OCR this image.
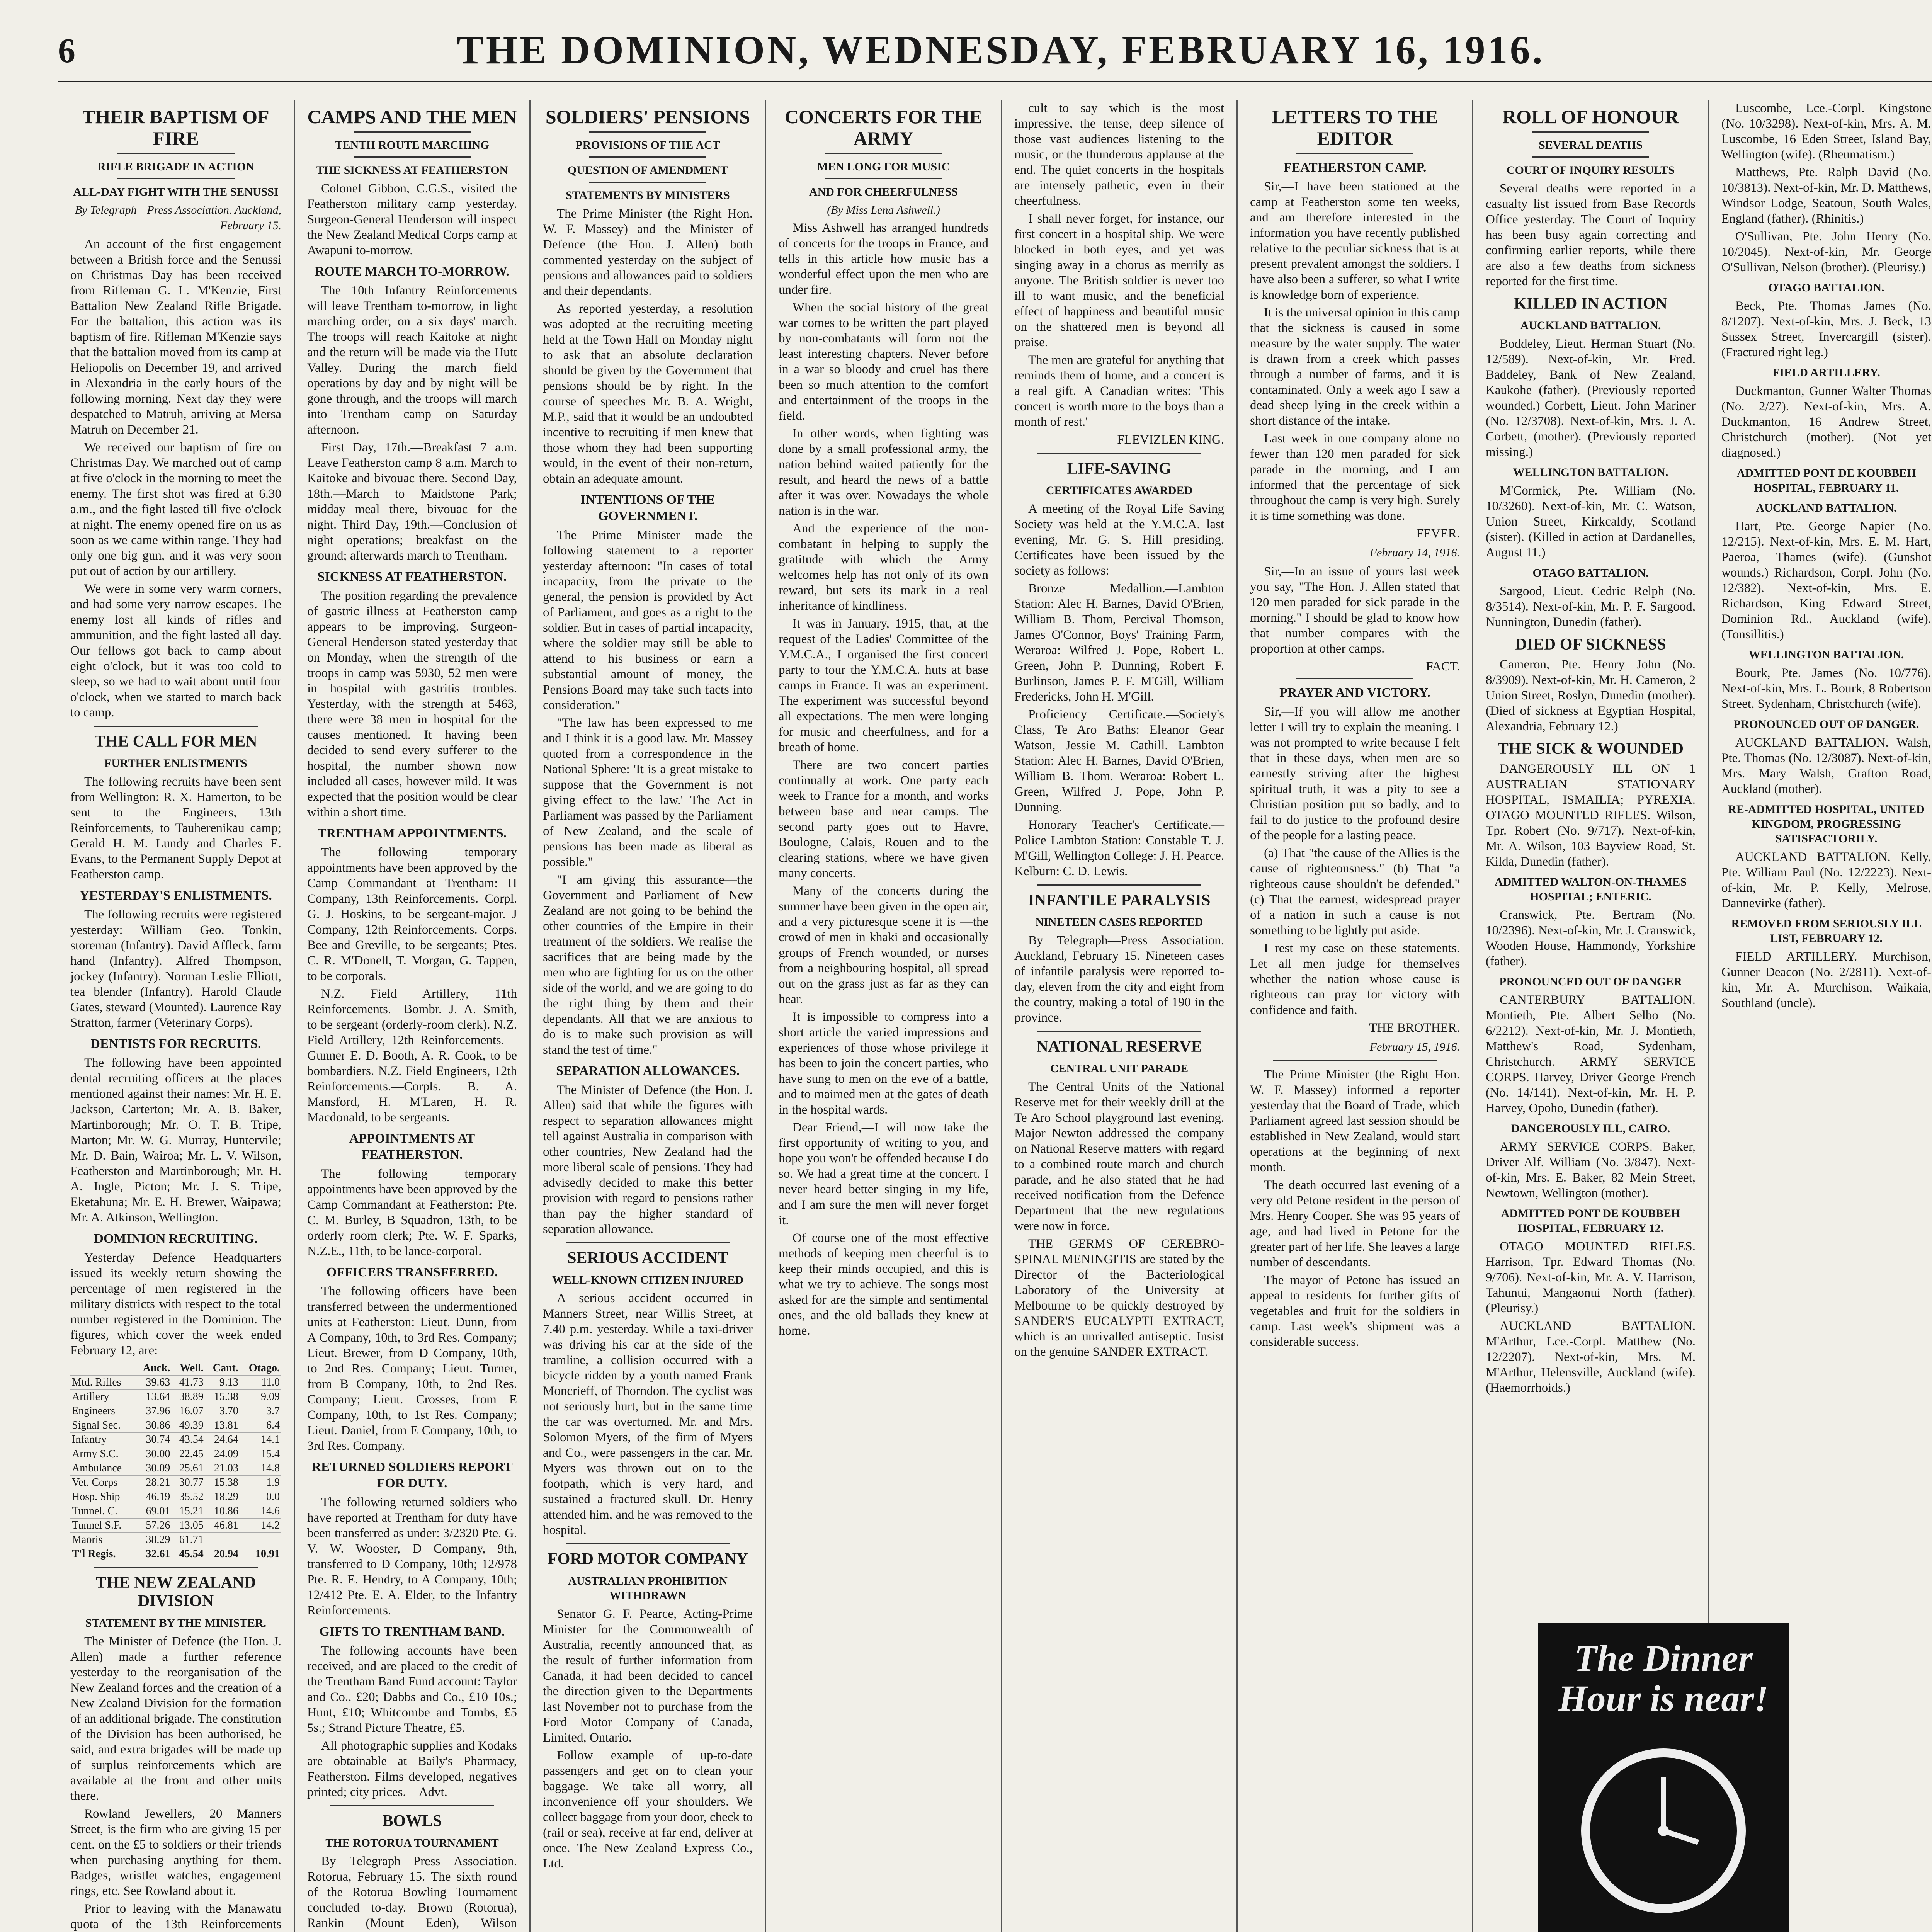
6	THE DOMINION, WEDNESDAY, FEBRUARY 16, 1916.
THEIR BAPTISM OF FIRE
RIFLE BRIGADE IN ACTION
ALL-DAY FIGHT WITH THE SENUSSI
By Telegraph—Press Association. Auckland, February 15.

An account of the first engagement between a British force and the Senussi on Christmas Day has been received from Rifleman G. L. M'Kenzie, First Battalion New Zealand Rifle Brigade. For the battalion, this action was its baptism of fire. Rifleman M'Kenzie says that the battalion moved from its camp at Heliopolis on December 19, and arrived in Alexandria in the early hours of the following morning. Next day they were despatched to Matruh, arriving at Mersa Matruh on December 21.

We received our baptism of fire on Christmas Day. We marched out of camp at five o'clock in the morning to meet the enemy. The first shot was fired at 6.30 a.m., and the fight lasted till five o'clock at night. The enemy opened fire on us as soon as we came within range. They had only one big gun, and it was very soon put out of action by our artillery.

We were in some very warm corners, and had some very narrow escapes. The enemy lost all kinds of rifles and ammunition, and the fight lasted all day. Our fellows got back to camp about eight o'clock, but it was too cold to sleep, so we had to wait about until four o'clock, when we started to march back to camp.

THE CALL FOR MEN
FURTHER ENLISTMENTS

The following recruits have been sent from Wellington: R. X. Hamerton, to be sent to the Engineers, 13th Reinforcements, to Tauherenikau camp; Gerald H. M. Lundy and Charles E. Evans, to the Permanent Supply Depot at Featherston camp.

YESTERDAY'S ENLISTMENTS.

The following recruits were registered yesterday: William Geo. Tonkin, storeman (Infantry). David Affleck, farm hand (Infantry). Alfred Thompson, jockey (Infantry). Norman Leslie Elliott, tea blender (Infantry). Harold Claude Gates, steward (Mounted). Laurence Ray Stratton, farmer (Veterinary Corps).

DENTISTS FOR RECRUITS.

The following have been appointed dental recruiting officers at the places mentioned against their names: Mr. H. E. Jackson, Carterton; Mr. A. B. Baker, Martinborough; Mr. O. T. B. Tripe, Marton; Mr. W. G. Murray, Huntervile; Mr. D. Bain, Wairoa; Mr. L. V. Wilson, Featherston and Martinborough; Mr. H. A. Ingle, Picton; Mr. J. S. Tripe, Eketahuna; Mr. E. H. Brewer, Waipawa; Mr. A. Atkinson, Wellington.

DOMINION RECRUITING.

Yesterday Defence Headquarters issued its weekly return showing the percentage of men registered in the military districts with respect to the total number registered in the Dominion. The figures, which cover the week ended February 12, are:

	Auck.	Well.	Cant.	Otago.
Mtd. Rifles	39.63	41.73	9.13	11.0
Artillery	13.64	38.89	15.38	9.09
Engineers	37.96	16.07	3.70	3.7
Signal Sec.	30.86	49.39	13.81	6.4
Infantry	30.74	43.54	24.64	14.1
Army S.C.	30.00	22.45	24.09	15.4
Ambulance	30.09	25.61	21.03	14.8
Vet. Corps	28.21	30.77	15.38	1.9
Hosp. Ship	46.19	35.52	18.29	0.0
Tunnel. C.	69.01	15.21	10.86	14.6
Tunnel S.F.	57.26	13.05	46.81	14.2
Maoris	38.29	61.71		
T'l Regis.	32.61	45.54	20.94	10.91
THE NEW ZEALAND DIVISION
STATEMENT BY THE MINISTER.

The Minister of Defence (the Hon. J. Allen) made a further reference yesterday to the reorganisation of the New Zealand forces and the creation of a New Zealand Division for the formation of an additional brigade. The constitution of the Division has been authorised, he said, and extra brigades will be made up of surplus reinforcements which are available at the front and other units there.

Rowland Jewellers, 20 Manners Street, is the firm who are giving 15 per cent. on the £5 to soldiers or their friends when purchasing anything for them. Badges, wristlet watches, engagement rings, etc. See Rowland about it.

Prior to leaving with the Manawatu quota of the 13th Reinforcements

CAMPS AND THE MEN
TENTH ROUTE MARCHING
THE SICKNESS AT FEATHERSTON

Colonel Gibbon, C.G.S., visited the Featherston military camp yesterday. Surgeon-General Henderson will inspect the New Zealand Medical Corps camp at Awapuni to-morrow.

ROUTE MARCH TO-MORROW.

The 10th Infantry Reinforcements will leave Trentham to-morrow, in light marching order, on a six days' march. The troops will reach Kaitoke at night and the return will be made via the Hutt Valley. During the march field operations by day and by night will be gone through, and the troops will march into Trentham camp on Saturday afternoon.

First Day, 17th.—Breakfast 7 a.m. Leave Featherston camp 8 a.m. March to Kaitoke and bivouac there. Second Day, 18th.—March to Maidstone Park; midday meal there, bivouac for the night. Third Day, 19th.—Conclusion of night operations; breakfast on the ground; afterwards march to Trentham.

SICKNESS AT FEATHERSTON.

The position regarding the prevalence of gastric illness at Featherston camp appears to be improving. Surgeon-General Henderson stated yesterday that on Monday, when the strength of the troops in camp was 5930, 52 men were in hospital with gastritis troubles. Yesterday, with the strength at 5463, there were 38 men in hospital for the causes mentioned. It having been decided to send every sufferer to the hospital, the number shown now included all cases, however mild. It was expected that the position would be clear within a short time.

TRENTHAM APPOINTMENTS.

The following temporary appointments have been approved by the Camp Commandant at Trentham: H Company, 13th Reinforcements. Corpl. G. J. Hoskins, to be sergeant-major. J Company, 12th Reinforcements. Corps. Bee and Greville, to be sergeants; Ptes. C. R. M'Donell, T. Morgan, G. Tappen, to be corporals.

N.Z. Field Artillery, 11th Reinforcements.—Bombr. J. A. Smith, to be sergeant (orderly-room clerk). N.Z. Field Artillery, 12th Reinforcements.—Gunner E. D. Booth, A. R. Cook, to be bombardiers. N.Z. Field Engineers, 12th Reinforcements.—Corpls. B. A. Mansford, H. M'Laren, H. R. Macdonald, to be sergeants.

APPOINTMENTS AT FEATHERSTON.

The following temporary appointments have been approved by the Camp Commandant at Featherston: Pte. C. M. Burley, B Squadron, 13th, to be orderly room clerk; Pte. W. F. Sparks, N.Z.E., 11th, to be lance-corporal.

OFFICERS TRANSFERRED.

The following officers have been transferred between the undermentioned units at Featherston: Lieut. Dunn, from A Company, 10th, to 3rd Res. Company; Lieut. Brewer, from D Company, 10th, to 2nd Res. Company; Lieut. Turner, from B Company, 10th, to 2nd Res. Company; Lieut. Crosses, from E Company, 10th, to 1st Res. Company; Lieut. Daniel, from E Company, 10th, to 3rd Res. Company.

RETURNED SOLDIERS REPORT FOR DUTY.

The following returned soldiers who have reported at Trentham for duty have been transferred as under: 3/2320 Pte. G. V. W. Wooster, D Company, 9th, transferred to D Company, 10th; 12/978 Pte. R. E. Hendry, to A Company, 10th; 12/412 Pte. E. A. Elder, to the Infantry Reinforcements.

GIFTS TO TRENTHAM BAND.

The following accounts have been received, and are placed to the credit of the Trentham Band Fund account: Taylor and Co., £20; Dabbs and Co., £10 10s.; Hunt, £10; Whitcombe and Tombs, £5 5s.; Strand Picture Theatre, £5.

All photographic supplies and Kodaks are obtainable at Baily's Pharmacy, Featherston. Films developed, negatives printed; city prices.—Advt.

BOWLS
THE ROTORUA TOURNAMENT

By Telegraph—Press Association. Rotorua, February 15. The sixth round of the Rotorua Bowling Tournament concluded to-day. Brown (Rotorua), Rankin (Mount Eden), Wilson

SOLDIERS' PENSIONS
PROVISIONS OF THE ACT
QUESTION OF AMENDMENT
STATEMENTS BY MINISTERS

The Prime Minister (the Right Hon. W. F. Massey) and the Minister of Defence (the Hon. J. Allen) both commented yesterday on the subject of pensions and allowances paid to soldiers and their dependants.

As reported yesterday, a resolution was adopted at the recruiting meeting held at the Town Hall on Monday night to ask that an absolute declaration should be given by the Government that pensions should be by right. In the course of speeches Mr. B. A. Wright, M.P., said that it would be an undoubted incentive to recruiting if men knew that those whom they had been supporting would, in the event of their non-return, obtain an adequate amount.

INTENTIONS OF THE GOVERNMENT.

The Prime Minister made the following statement to a reporter yesterday afternoon: "In cases of total incapacity, from the private to the general, the pension is provided by Act of Parliament, and goes as a right to the soldier. But in cases of partial incapacity, where the soldier may still be able to attend to his business or earn a substantial amount of money, the Pensions Board may take such facts into consideration."

"The law has been expressed to me and I think it is a good law. Mr. Massey quoted from a correspondence in the National Sphere: 'It is a great mistake to suppose that the Government is not giving effect to the law.' The Act in Parliament was passed by the Parliament of New Zealand, and the scale of pensions has been made as liberal as possible."

"I am giving this assurance—the Government and Parliament of New Zealand are not going to be behind the other countries of the Empire in their treatment of the soldiers. We realise the sacrifices that are being made by the men who are fighting for us on the other side of the world, and we are going to do the right thing by them and their dependants. All that we are anxious to do is to make such provision as will stand the test of time."

SEPARATION ALLOWANCES.

The Minister of Defence (the Hon. J. Allen) said that while the figures with respect to separation allowances might tell against Australia in comparison with other countries, New Zealand had the more liberal scale of pensions. They had advisedly decided to make this better provision with regard to pensions rather than pay the higher standard of separation allowance.

SERIOUS ACCIDENT
WELL-KNOWN CITIZEN INJURED

A serious accident occurred in Manners Street, near Willis Street, at 7.40 p.m. yesterday. While a taxi-driver was driving his car at the side of the tramline, a collision occurred with a bicycle ridden by a youth named Frank Moncrieff, of Thorndon. The cyclist was not seriously hurt, but in the same time the car was overturned. Mr. and Mrs. Solomon Myers, of the firm of Myers and Co., were passengers in the car. Mr. Myers was thrown out on to the footpath, which is very hard, and sustained a fractured skull. Dr. Henry attended him, and he was removed to the hospital.

FORD MOTOR COMPANY
AUSTRALIAN PROHIBITION WITHDRAWN

Senator G. F. Pearce, Acting-Prime Minister for the Commonwealth of Australia, recently announced that, as the result of further information from Canada, it had been decided to cancel the direction given to the Departments last November not to purchase from the Ford Motor Company of Canada, Limited, Ontario.

Follow example of up-to-date passengers and get on to clean your baggage. We take all worry, all inconvenience off your shoulders. We collect baggage from your door, check to (rail or sea), receive at far end, deliver at once. The New Zealand Express Co., Ltd.

CONCERTS FOR THE ARMY
MEN LONG FOR MUSIC
AND FOR CHEERFULNESS
(By Miss Lena Ashwell.)

Miss Ashwell has arranged hundreds of concerts for the troops in France, and tells in this article how music has a wonderful effect upon the men who are under fire.

When the social history of the great war comes to be written the part played by non-combatants will form not the least interesting chapters. Never before in a war so bloody and cruel has there been so much attention to the comfort and entertainment of the troops in the field.

In other words, when fighting was done by a small professional army, the nation behind waited patiently for the result, and heard the news of a battle after it was over. Nowadays the whole nation is in the war.

And the experience of the non-combatant in helping to supply the gratitude with which the Army welcomes help has not only of its own reward, but sets its mark in a real inheritance of kindliness.

It was in January, 1915, that, at the request of the Ladies' Committee of the Y.M.C.A., I organised the first concert party to tour the Y.M.C.A. huts at base camps in France. It was an experiment. The experiment was successful beyond all expectations. The men were longing for music and cheerfulness, and for a breath of home.

There are two concert parties continually at work. One party each week to France for a month, and works between base and near camps. The second party goes out to Havre, Boulogne, Calais, Rouen and to the clearing stations, where we have given many concerts.

Many of the concerts during the summer have been given in the open air, and a very picturesque scene it is —the crowd of men in khaki and occasionally groups of French wounded, or nurses from a neighbouring hospital, all spread out on the grass just as far as they can hear.

It is impossible to compress into a short article the varied impressions and experiences of those whose privilege it has been to join the concert parties, who have sung to men on the eve of a battle, and to maimed men at the gates of death in the hospital wards.

Dear Friend,—I will now take the first opportunity of writing to you, and hope you won't be offended because I do so. We had a great time at the concert. I never heard better singing in my life, and I am sure the men will never forget it.

Of course one of the most effective methods of keeping men cheerful is to keep their minds occupied, and this is what we try to achieve. The songs most asked for are the simple and sentimental ones, and the old ballads they knew at home.

cult to say which is the most impressive, the tense, deep silence of those vast audiences listening to the music, or the thunderous applause at the end. The quiet concerts in the hospitals are intensely pathetic, even in their cheerfulness.

I shall never forget, for instance, our first concert in a hospital ship. We were blocked in both eyes, and yet was singing away in a chorus as merrily as anyone. The British soldier is never too ill to want music, and the beneficial effect of happiness and beautiful music on the shattered men is beyond all praise.

The men are grateful for anything that reminds them of home, and a concert is a real gift. A Canadian writes: 'This concert is worth more to the boys than a month of rest.'

FLEVIZLEN KING.
LIFE-SAVING
CERTIFICATES AWARDED

A meeting of the Royal Life Saving Society was held at the Y.M.C.A. last evening, Mr. G. S. Hill presiding. Certificates have been issued by the society as follows:

Bronze Medallion.—Lambton Station: Alec H. Barnes, David O'Brien, William B. Thom, Percival Thomson, James O'Connor, Boys' Training Farm, Weraroa: Wilfred J. Pope, Robert L. Green, John P. Dunning, Robert F. Burlinson, James P. F. M'Gill, William Fredericks, John H. M'Gill.

Proficiency Certificate.—Society's Class, Te Aro Baths: Eleanor Gear Watson, Jessie M. Cathill. Lambton Station: Alec H. Barnes, David O'Brien, William B. Thom. Weraroa: Robert L. Green, Wilfred J. Pope, John P. Dunning.

Honorary Teacher's Certificate.—Police Lambton Station: Constable T. J. M'Gill, Wellington College: J. H. Pearce. Kelburn: C. D. Lewis.

INFANTILE PARALYSIS
NINETEEN CASES REPORTED

By Telegraph—Press Association. Auckland, February 15. Nineteen cases of infantile paralysis were reported to-day, eleven from the city and eight from the country, making a total of 190 in the province.

NATIONAL RESERVE
CENTRAL UNIT PARADE

The Central Units of the National Reserve met for their weekly drill at the Te Aro School playground last evening. Major Newton addressed the company on National Reserve matters with regard to a combined route march and church parade, and he also stated that he had received notification from the Defence Department that the new regulations were now in force.

THE GERMS OF CEREBRO-SPINAL MENINGITIS are stated by the Director of the Bacteriological Laboratory of the University at Melbourne to be quickly destroyed by SANDER'S EUCALYPTI EXTRACT, which is an unrivalled antiseptic. Insist on the genuine SANDER EXTRACT.

LETTERS TO THE EDITOR
FEATHERSTON CAMP.

Sir,—I have been stationed at the camp at Featherston some ten weeks, and am therefore interested in the information you have recently published relative to the peculiar sickness that is at present prevalent amongst the soldiers. I have also been a sufferer, so what I write is knowledge born of experience.

It is the universal opinion in this camp that the sickness is caused in some measure by the water supply. The water is drawn from a creek which passes through a number of farms, and it is contaminated. Only a week ago I saw a dead sheep lying in the creek within a short distance of the intake.

Last week in one company alone no fewer than 120 men paraded for sick parade in the morning, and I am informed that the percentage of sick throughout the camp is very high. Surely it is time something was done.

FEVER.
February 14, 1916.

Sir,—In an issue of yours last week you say, "The Hon. J. Allen stated that 120 men paraded for sick parade in the morning." I should be glad to know how that number compares with the proportion at other camps.

FACT.
PRAYER AND VICTORY.

Sir,—If you will allow me another letter I will try to explain the meaning. I was not prompted to write because I felt that in these days, when men are so earnestly striving after the highest spiritual truth, it was a pity to see a Christian position put so badly, and to fail to do justice to the profound desire of the people for a lasting peace.

(a) That "the cause of the Allies is the cause of righteousness." (b) That "a righteous cause shouldn't be defended." (c) That the earnest, widespread prayer of a nation in such a cause is not something to be lightly put aside.

I rest my case on these statements. Let all men judge for themselves whether the nation whose cause is righteous can pray for victory with confidence and faith.

THE BROTHER.
February 15, 1916.

The Prime Minister (the Right Hon. W. F. Massey) informed a reporter yesterday that the Board of Trade, which Parliament agreed last session should be established in New Zealand, would start operations at the beginning of next month.

The death occurred last evening of a very old Petone resident in the person of Mrs. Henry Cooper. She was 95 years of age, and had lived in Petone for the greater part of her life. She leaves a large number of descendants.

The mayor of Petone has issued an appeal to residents for further gifts of vegetables and fruit for the soldiers in camp. Last week's shipment was a considerable success.

ROLL OF HONOUR
SEVERAL DEATHS
COURT OF INQUIRY RESULTS

Several deaths were reported in a casualty list issued from Base Records Office yesterday. The Court of Inquiry has been busy again correcting and confirming earlier reports, while there are also a few deaths from sickness reported for the first time.

KILLED IN ACTION
AUCKLAND BATTALION.

Boddeley, Lieut. Herman Stuart (No. 12/589). Next-of-kin, Mr. Fred. Baddeley, Bank of New Zealand, Kaukohe (father). (Previously reported wounded.) Corbett, Lieut. John Mariner (No. 12/3708). Next-of-kin, Mrs. J. A. Corbett, (mother). (Previously reported missing.)

WELLINGTON BATTALION.

M'Cormick, Pte. William (No. 10/3260). Next-of-kin, Mr. C. Watson, Union Street, Kirkcaldy, Scotland (sister). (Killed in action at Dardanelles, August 11.)

OTAGO BATTALION.

Sargood, Lieut. Cedric Relph (No. 8/3514). Next-of-kin, Mr. P. F. Sargood, Nunnington, Dunedin (father).

DIED OF SICKNESS

Cameron, Pte. Henry John (No. 8/3909). Next-of-kin, Mr. H. Cameron, 2 Union Street, Roslyn, Dunedin (mother). (Died of sickness at Egyptian Hospital, Alexandria, February 12.)

THE SICK & WOUNDED

DANGEROUSLY ILL ON 1 AUSTRALIAN STATIONARY HOSPITAL, ISMAILIA; PYREXIA. OTAGO MOUNTED RIFLES. Wilson, Tpr. Robert (No. 9/717). Next-of-kin, Mr. A. Wilson, 103 Bayview Road, St. Kilda, Dunedin (father).

ADMITTED WALTON-ON-THAMES HOSPITAL; ENTERIC.

Cranswick, Pte. Bertram (No. 10/2396). Next-of-kin, Mr. J. Cranswick, Wooden House, Hammondy, Yorkshire (father).

PRONOUNCED OUT OF DANGER

CANTERBURY BATTALION. Montieth, Pte. Albert Selbo (No. 6/2212). Next-of-kin, Mr. J. Montieth, Matthew's Road, Sydenham, Christchurch. ARMY SERVICE CORPS. Harvey, Driver George French (No. 14/141). Next-of-kin, Mr. H. P. Harvey, Opoho, Dunedin (father).

DANGEROUSLY ILL, CAIRO.

ARMY SERVICE CORPS. Baker, Driver Alf. William (No. 3/847). Next-of-kin, Mrs. E. Baker, 82 Mein Street, Newtown, Wellington (mother).

ADMITTED PONT DE KOUBBEH HOSPITAL, FEBRUARY 12.

OTAGO MOUNTED RIFLES. Harrison, Tpr. Edward Thomas (No. 9/706). Next-of-kin, Mr. A. V. Harrison, Tahunui, Mangaonui North (father). (Pleurisy.)

AUCKLAND BATTALION. M'Arthur, Lce.-Corpl. Matthew (No. 12/2207). Next-of-kin, Mrs. M. M'Arthur, Helensville, Auckland (wife). (Haemorrhoids.)

Luscombe, Lce.-Corpl. Kingstone (No. 10/3298). Next-of-kin, Mrs. A. M. Luscombe, 16 Eden Street, Island Bay, Wellington (wife). (Rheumatism.)

Matthews, Pte. Ralph David (No. 10/3813). Next-of-kin, Mr. D. Matthews, Windsor Lodge, Seatoun, South Wales, England (father). (Rhinitis.)

O'Sullivan, Pte. John Henry (No. 10/2045). Next-of-kin, Mr. George O'Sullivan, Nelson (brother). (Pleurisy.)

OTAGO BATTALION.

Beck, Pte. Thomas James (No. 8/1207). Next-of-kin, Mrs. J. Beck, 13 Sussex Street, Invercargill (sister). (Fractured right leg.)

FIELD ARTILLERY.

Duckmanton, Gunner Walter Thomas (No. 2/27). Next-of-kin, Mrs. A. Duckmanton, 16 Andrew Street, Christchurch (mother). (Not yet diagnosed.)

ADMITTED PONT DE KOUBBEH HOSPITAL, FEBRUARY 11.
AUCKLAND BATTALION.

Hart, Pte. George Napier (No. 12/215). Next-of-kin, Mrs. E. M. Hart, Paeroa, Thames (wife). (Gunshot wounds.) Richardson, Corpl. John (No. 12/382). Next-of-kin, Mrs. E. Richardson, King Edward Street, Dominion Rd., Auckland (wife). (Tonsillitis.)

WELLINGTON BATTALION.

Bourk, Pte. James (No. 10/776). Next-of-kin, Mrs. L. Bourk, 8 Robertson Street, Sydenham, Christchurch (wife).

PRONOUNCED OUT OF DANGER.

AUCKLAND BATTALION. Walsh, Pte. Thomas (No. 12/3087). Next-of-kin, Mrs. Mary Walsh, Grafton Road, Auckland (mother).

RE-ADMITTED HOSPITAL, UNITED KINGDOM, PROGRESSING SATISFACTORILY.

AUCKLAND BATTALION. Kelly, Pte. William Paul (No. 12/2223). Next-of-kin, Mr. P. Kelly, Melrose, Dannevirke (father).

REMOVED FROM SERIOUSLY ILL LIST, FEBRUARY 12.

FIELD ARTILLERY. Murchison, Gunner Deacon (No. 2/2811). Next-of-kin, Mr. A. Murchison, Waikaia, Southland (uncle).

The Dinner Hour is near!
